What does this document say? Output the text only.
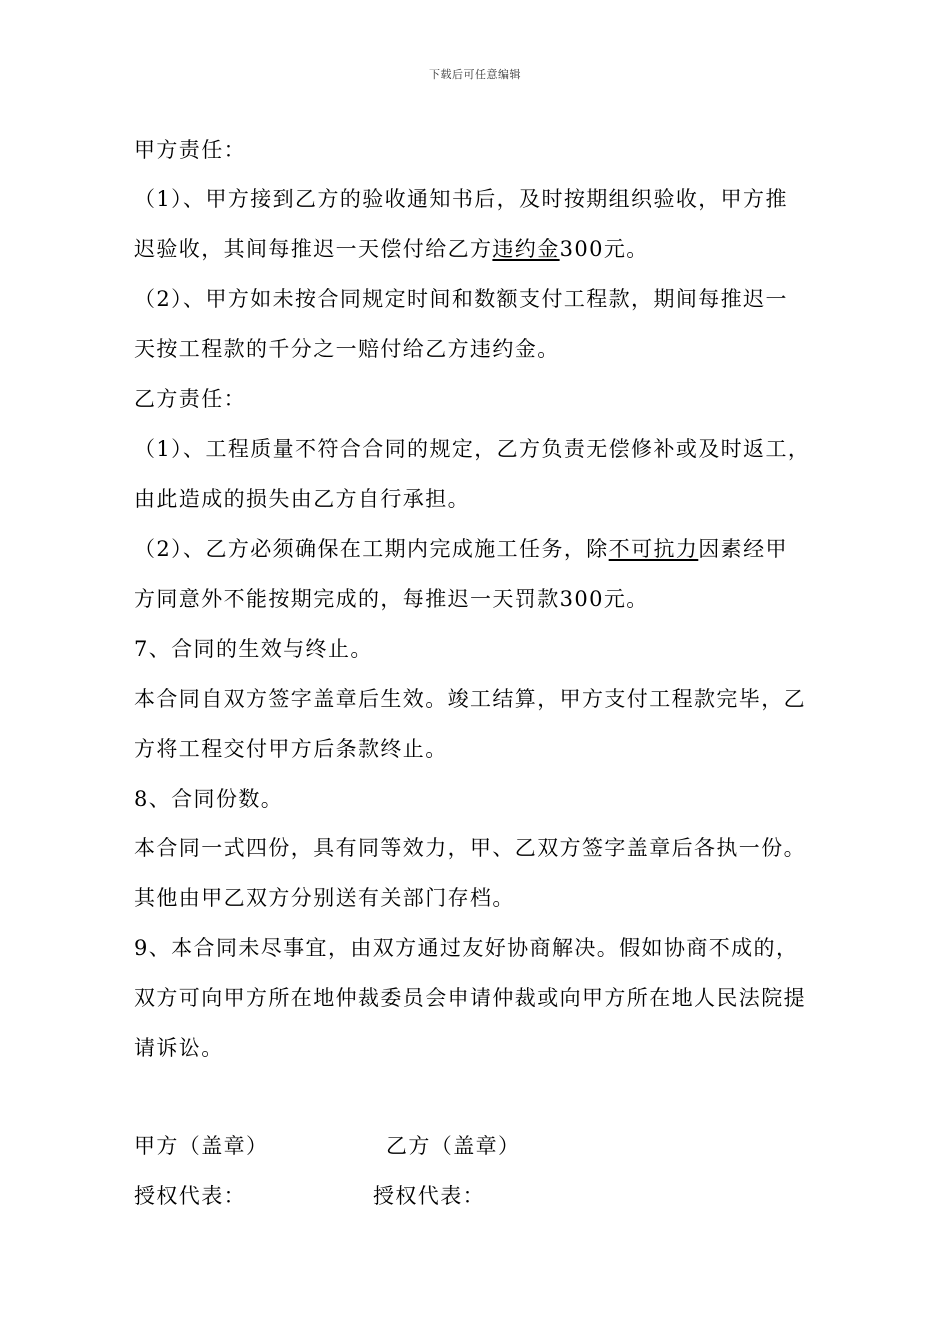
下载后可任意编辑
甲方责任：
（1）、甲方接到乙方的验收通知书后，及时按期组织验收，甲方推
迟验收，其间每推迟一天偿付给乙方违约金300元。
（2）、甲方如未按合同规定时间和数额支付工程款，期间每推迟一
天按工程款的千分之一赔付给乙方违约金。
乙方责任：
（1）、工程质量不符合合同的规定，乙方负责无偿修补或及时返工，
由此造成的损失由乙方自行承担。
（2）、乙方必须确保在工期内完成施工任务，除不可抗力因素经甲
方同意外不能按期完成的，每推迟一天罚款300元。
7、合同的生效与终止。
本合同自双方签字盖章后生效。竣工结算，甲方支付工程款完毕，乙
方将工程交付甲方后条款终止。
8、合同份数。
本合同一式四份，具有同等效力，甲、乙双方签字盖章后各执一份。
其他由甲乙双方分别送有关部门存档。
9、本合同未尽事宜，由双方通过友好协商解决。假如协商不成的，
双方可向甲方所在地仲裁委员会申请仲裁或向甲方所在地人民法院提
请诉讼。
甲方（盖章）	乙方（盖章）
授权代表：	授权代表：
